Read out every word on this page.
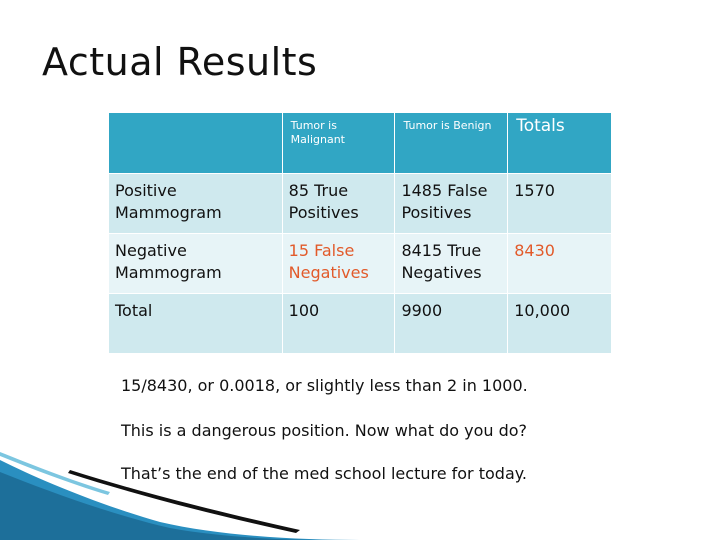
Actual Results
	Tumor is Malignant	Tumor is Benign	Totals
Positive Mammogram	85 True Positives	1485 False Positives	1570
Negative Mammogram	15 False Negatives	8415 True Negatives	8430
Total	100	9900	10,000
15/8430, or 0.0018, or slightly less than 2 in 1000.
This is a dangerous position. Now what do you do?
That’s the end of the med school lecture for today.
